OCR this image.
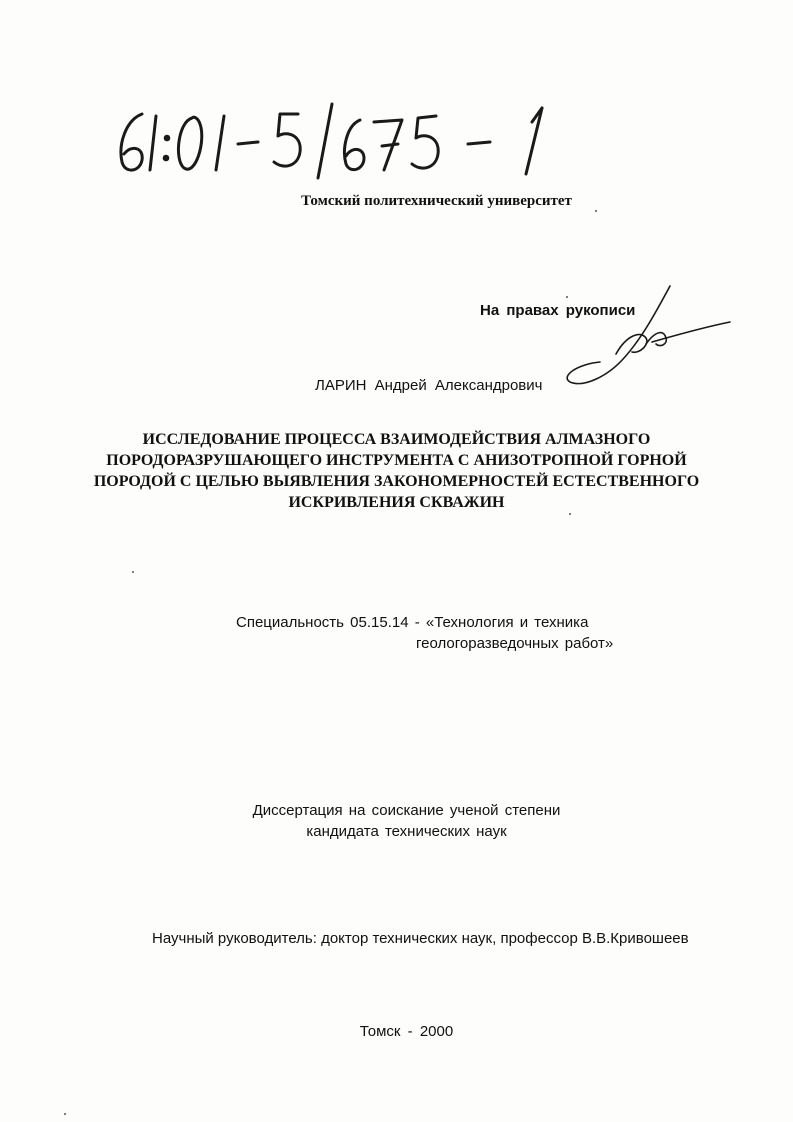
Томский политехнический университет
На правах рукописи
ЛАРИН Андрей Александрович
ИССЛЕДОВАНИЕ ПРОЦЕССА ВЗАИМОДЕЙСТВИЯ АЛМАЗНОГО
ПОРОДОРАЗРУШАЮЩЕГО ИНСТРУМЕНТА С АНИЗОТРОПНОЙ ГОРНОЙ
ПОРОДОЙ С ЦЕЛЬЮ ВЫЯВЛЕНИЯ ЗАКОНОМЕРНОСТЕЙ ЕСТЕСТВЕННОГО
ИСКРИВЛЕНИЯ СКВАЖИН
Специальность 05.15.14 - «Технология и техника
геологоразведочных работ»
Диссертация на соискание ученой степени
кандидата технических наук
Научный руководитель: доктор технических наук, профессор В.В.Кривошеев
Томск - 2000
